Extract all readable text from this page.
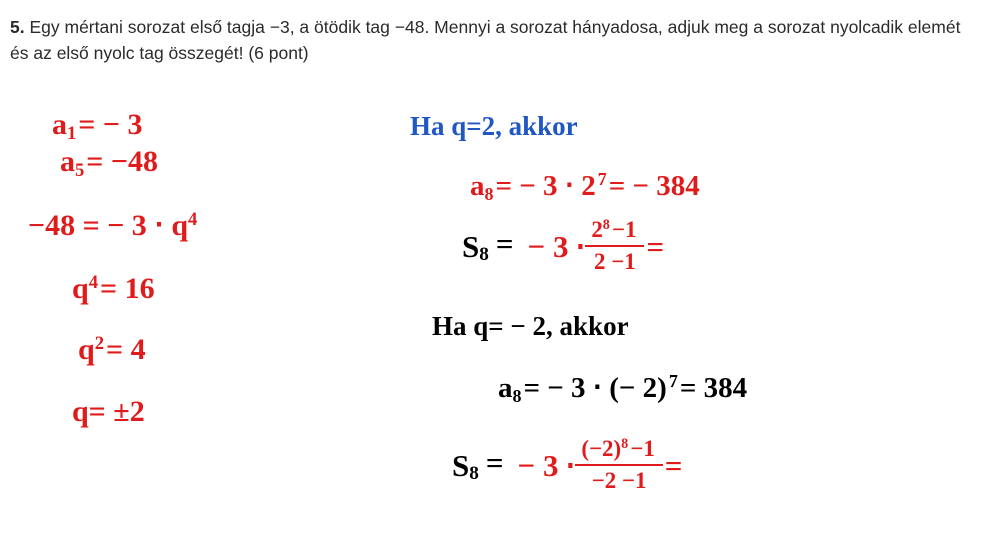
5. Egy mértani sorozat első tagja −3, a ötödik tag −48. Mennyi a sorozat hányadosa, adjuk meg a sorozat nyolcadik elemét és az első nyolc tag összegét! (6 pont)
$a_1= - 3$
$a_5= -48$
−48 = − $3 \cdot q^4$
$q^4= 16$
$q^2= 4$
q= ±2
Ha q=2, akkor
$a_8= - 3 \cdot 2$ $^7$= − 384
$S_8$ = − $3 \cdot \frac{2^8-1}{2 -1}$ =
Ha q= − 2, akkor
$a_8= - 3$ ⋅ (− 2) $^7$= 384
$S_8$ = − $3 \cdot \frac{(-2)^8-1}{-2 -1}$ =
